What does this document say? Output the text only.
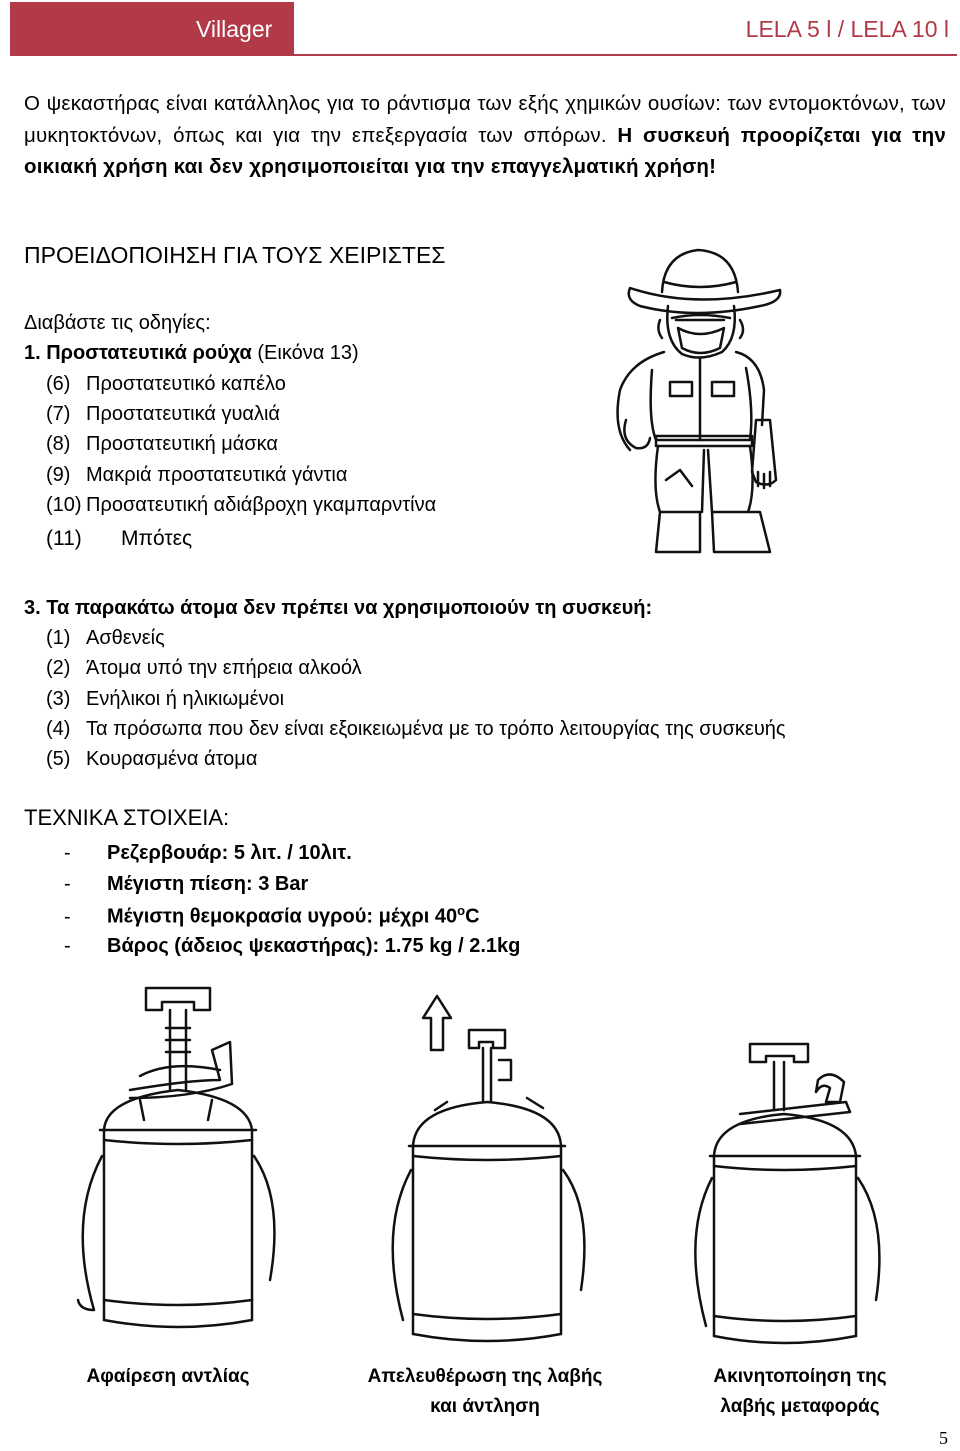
Villager	LELA 5 l / LELA 10 l
Ο ψεκαστήρας είναι κατάλληλος για το ράντισμα των εξής χημικών ουσίων: των εντομοκτόνων, των μυκητοκτόνων, όπως και για την επεξεργασία των σπόρων. Η συσκευή προορίζεται για την οικιακή χρήση και δεν χρησιμοποιείται για την επαγγελματική χρήση!
ΠΡΟΕΙΔΟΠΟΙΗΣΗ ΓΙΑ ΤΟΥΣ ΧΕΙΡΙΣΤΕΣ
Διαβάστε τις οδηγίες:
1. Προστατευτικά ρούχα (Εικόνα 13)
(6) Προστατευτικό καπέλο
(7) Προστατευτικά γυαλιά
(8) Προστατευτική μάσκα
(9) Μακριά προστατευτικά γάντια
(10) Προσατευτική αδιάβροχη γκαμπαρντίνα
(11) Μπότες
3. Τα παρακάτω άτομα δεν πρέπει να χρησιμοποιούν τη συσκευή:
(1) Ασθενείς
(2) Άτομα υπό την επήρεια αλκοόλ
(3) Ενήλικοι ή ηλικιωμένοι
(4) Τα πρόσωπα που δεν είναι εξοικειωμένα με το τρόπο λειτουργίας της συσκευής
(5) Κουρασμένα άτομα
ΤΕΧΝΙΚΑ ΣΤΟΙΧΕΙΑ:
- Ρεζερβουάρ: 5 λιτ. / 10λιτ.
- Μέγιστη πίεση: 3 Bar
- Μέγιστη θεμοκρασία υγρού: μέχρι 40$^o$C
- Βάρος (άδειος ψεκαστήρας): 1.75 kg / 2.1kg
Αφαίρεση αντλίας	Απελευθέρωση της λαβής
και άντληση
Ακινητοποίηση της
λαβής μεταφοράς
5
